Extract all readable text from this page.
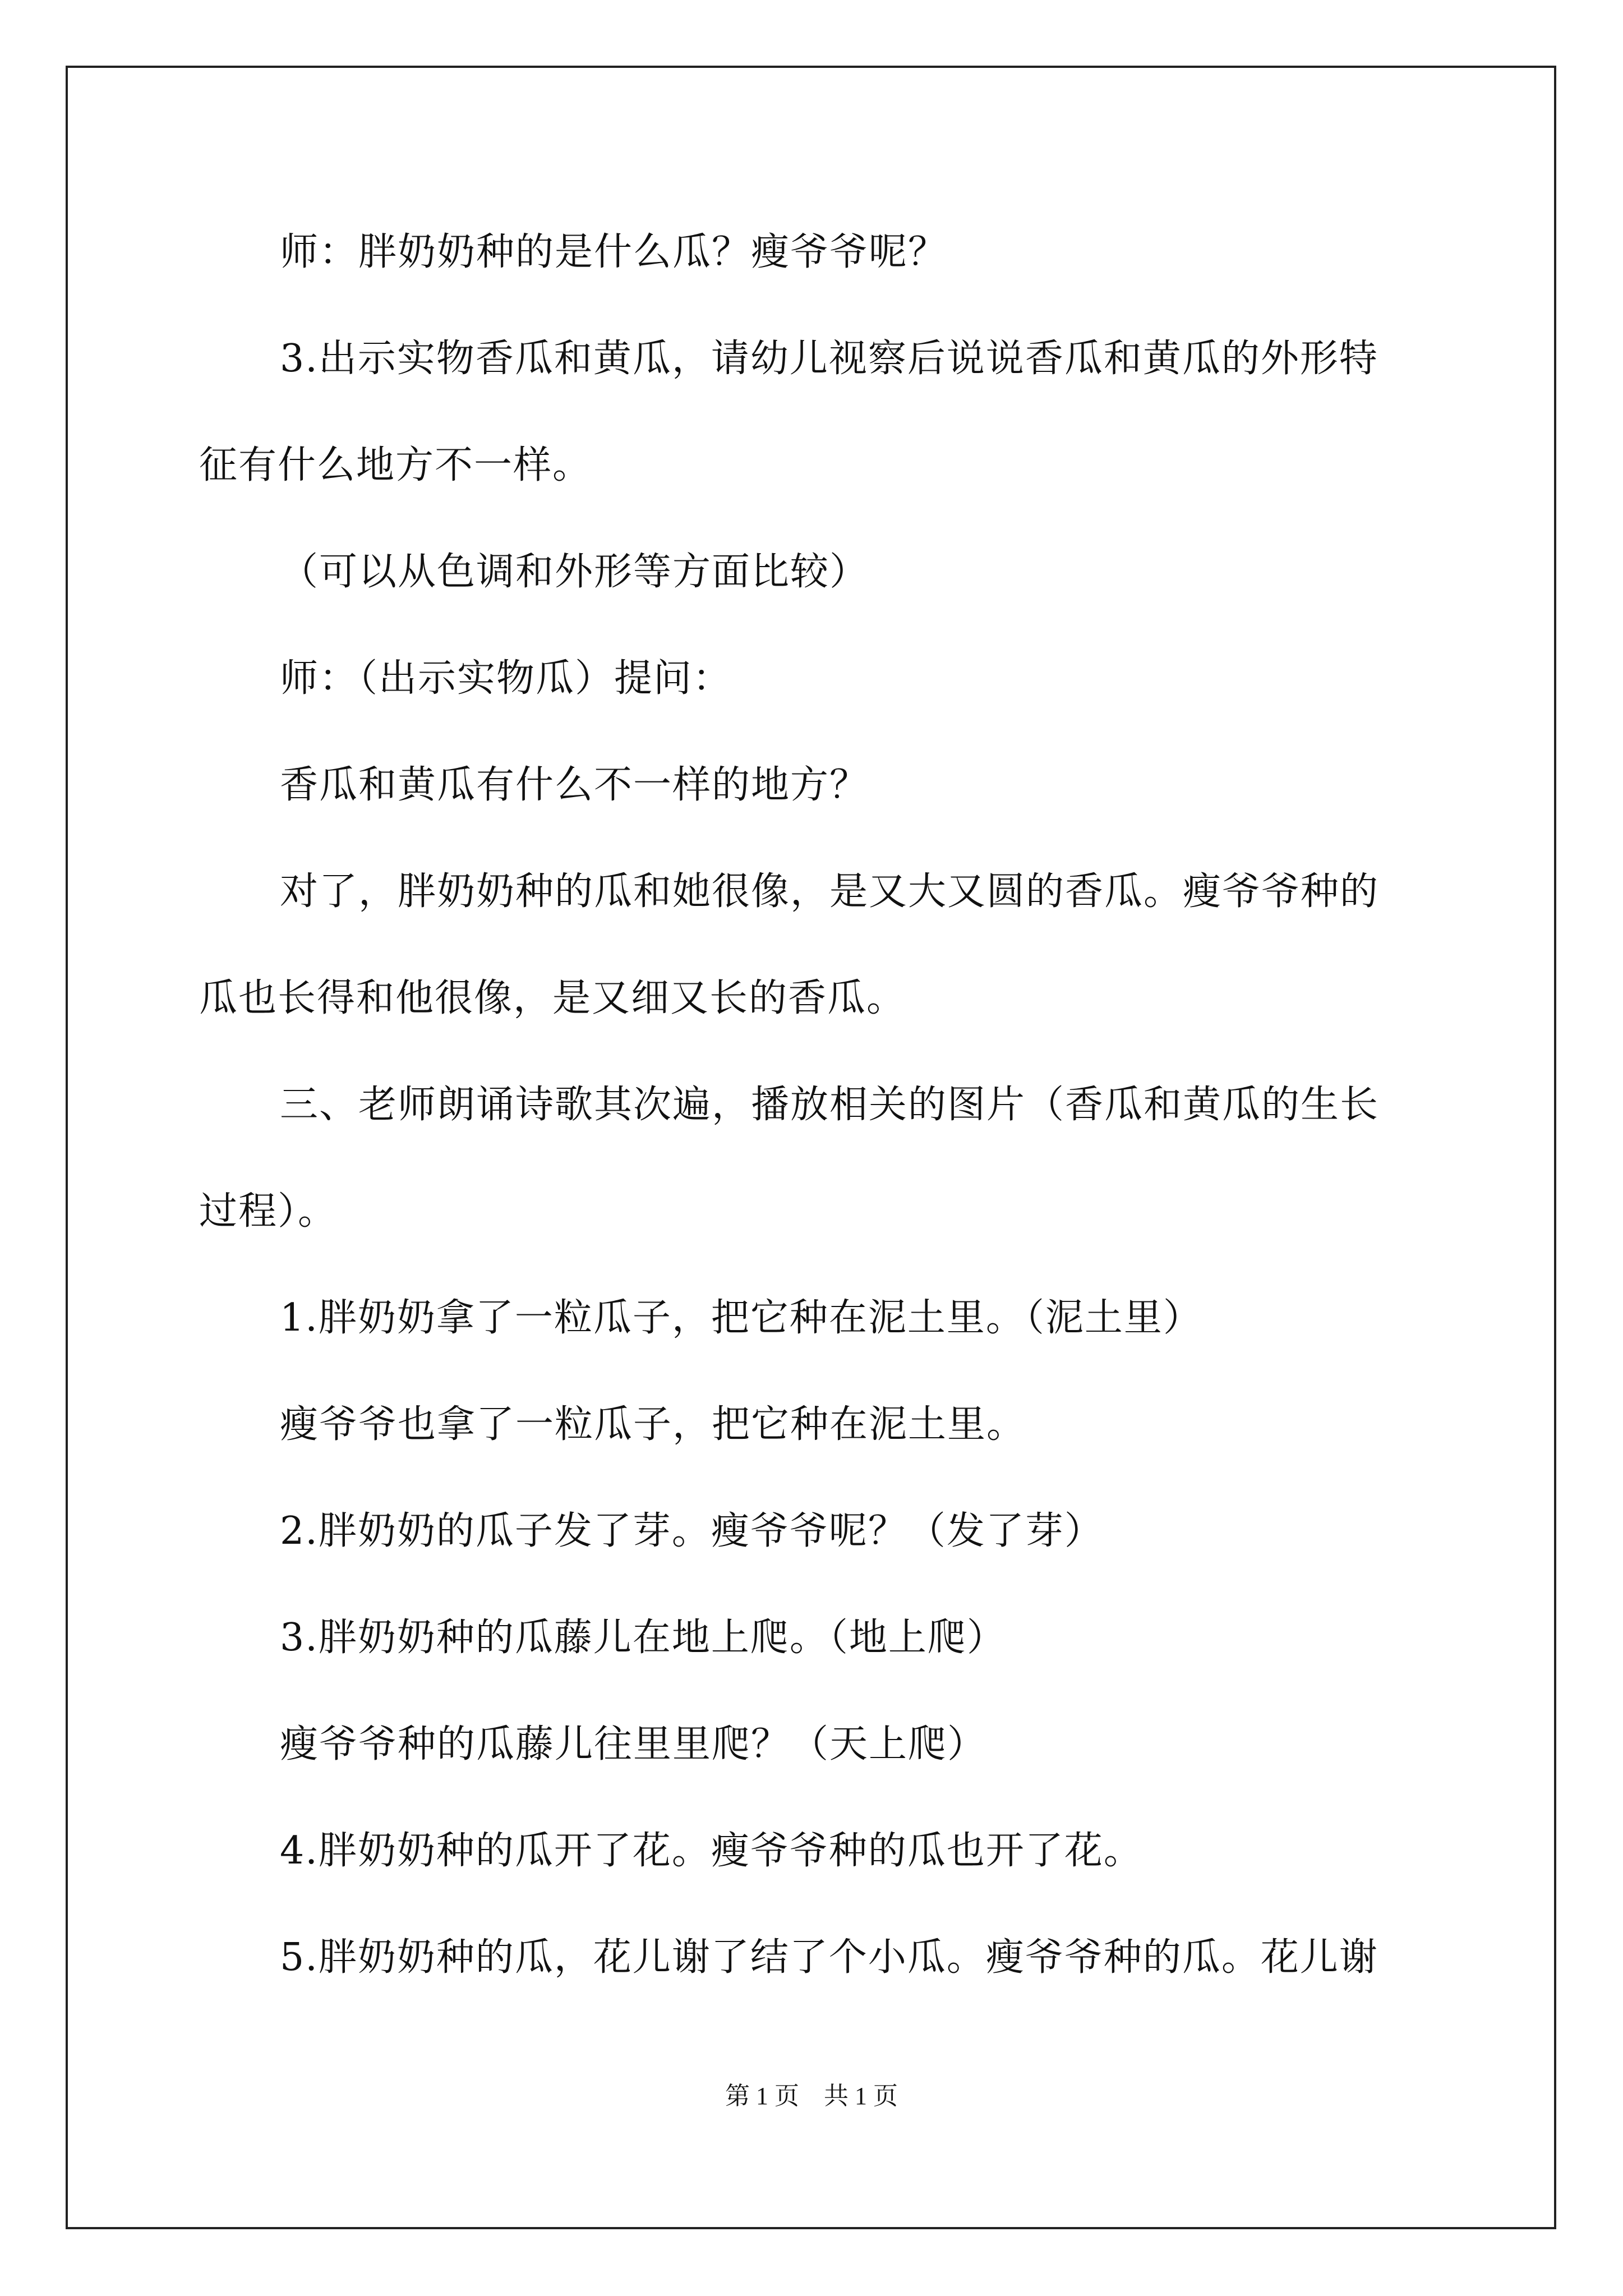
师：胖奶奶种的是什么瓜？瘦爷爷呢？
3.出示实物香瓜和黄瓜，请幼儿视察后说说香瓜和黄瓜的外形特
征有什么地方不一样。
（可以从色调和外形等方面比较）
师：（出示实物瓜）提问：
香瓜和黄瓜有什么不一样的地方？
对了，胖奶奶种的瓜和她很像，是又大又圆的香瓜。瘦爷爷种的
瓜也长得和他很像，是又细又长的香瓜。
三、老师朗诵诗歌其次遍，播放相关的图片（香瓜和黄瓜的生长
过程）。
1.胖奶奶拿了一粒瓜子，把它种在泥土里。（泥土里）
瘦爷爷也拿了一粒瓜子，把它种在泥土里。
2.胖奶奶的瓜子发了芽。瘦爷爷呢？（发了芽）
3.胖奶奶种的瓜藤儿在地上爬。（地上爬）
瘦爷爷种的瓜藤儿往里里爬？（天上爬）
4.胖奶奶种的瓜开了花。瘦爷爷种的瓜也开了花。
5.胖奶奶种的瓜，花儿谢了结了个小瓜。瘦爷爷种的瓜。花儿谢
第 1 页　共 1 页
